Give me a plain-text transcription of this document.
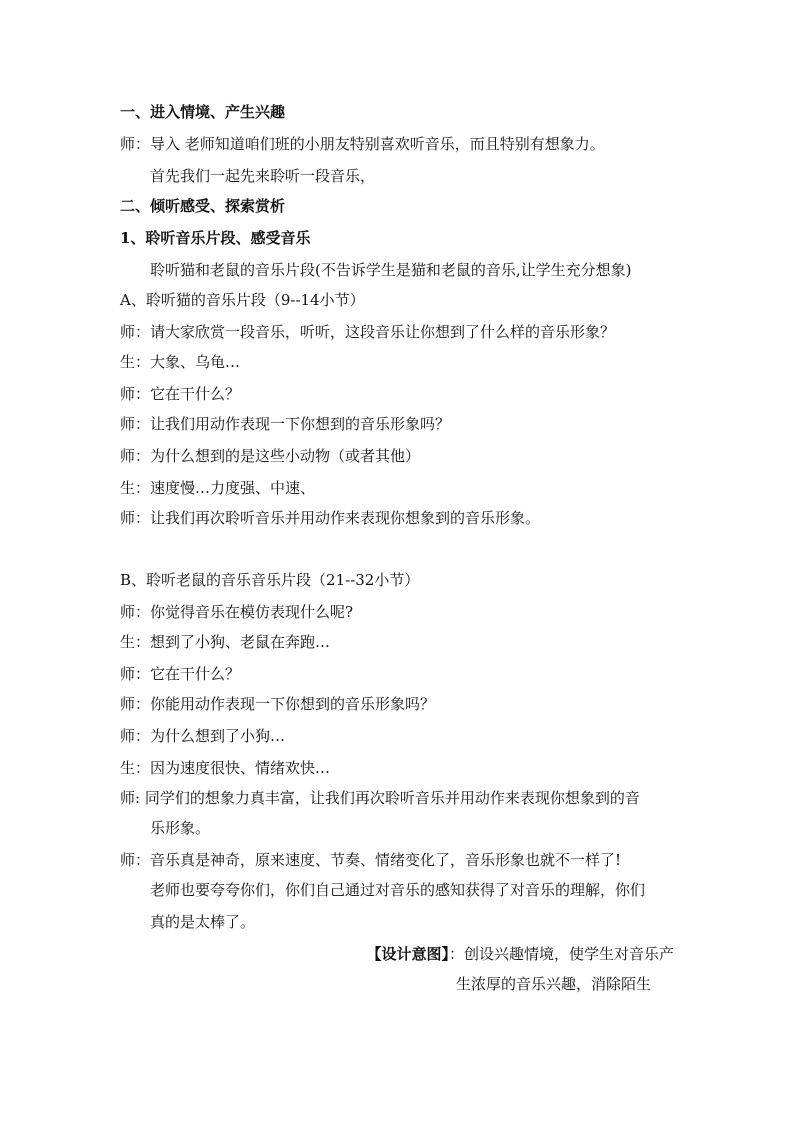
一、进入情境、产生兴趣
师：导入 老师知道咱们班的小朋友特别喜欢听音乐，而且特别有想象力。
首先我们一起先来聆听一段音乐，
二、倾听感受、探索赏析
1、聆听音乐片段、感受音乐
聆听猫和老鼠的音乐片段(不告诉学生是猫和老鼠的音乐,让学生充分想象)
A、聆听猫的音乐片段（9--14小节）
师：请大家欣赏一段音乐，听听，这段音乐让你想到了什么样的音乐形象？
生：大象、乌龟…
师：它在干什么？
师：让我们用动作表现一下你想到的音乐形象吗？
师：为什么想到的是这些小动物（或者其他）
生：速度慢…力度强、中速、
师：让我们再次聆听音乐并用动作来表现你想象到的音乐形象。
B、聆听老鼠的音乐音乐片段（21--32小节）
师：你觉得音乐在模仿表现什么呢?
生：想到了小狗、老鼠在奔跑…
师：它在干什么？
师：你能用动作表现一下你想到的音乐形象吗？
师：为什么想到了小狗…
生：因为速度很快、情绪欢快…
师: 同学们的想象力真丰富，让我们再次聆听音乐并用动作来表现你想象到的音
乐形象。
师：音乐真是神奇，原来速度、节奏、情绪变化了，音乐形象也就不一样了!
老师也要夸夸你们，你们自己通过对音乐的感知获得了对音乐的理解，你们
真的是太棒了。
【设计意图】：创设兴趣情境，使学生对音乐产
生浓厚的音乐兴趣，消除陌生
